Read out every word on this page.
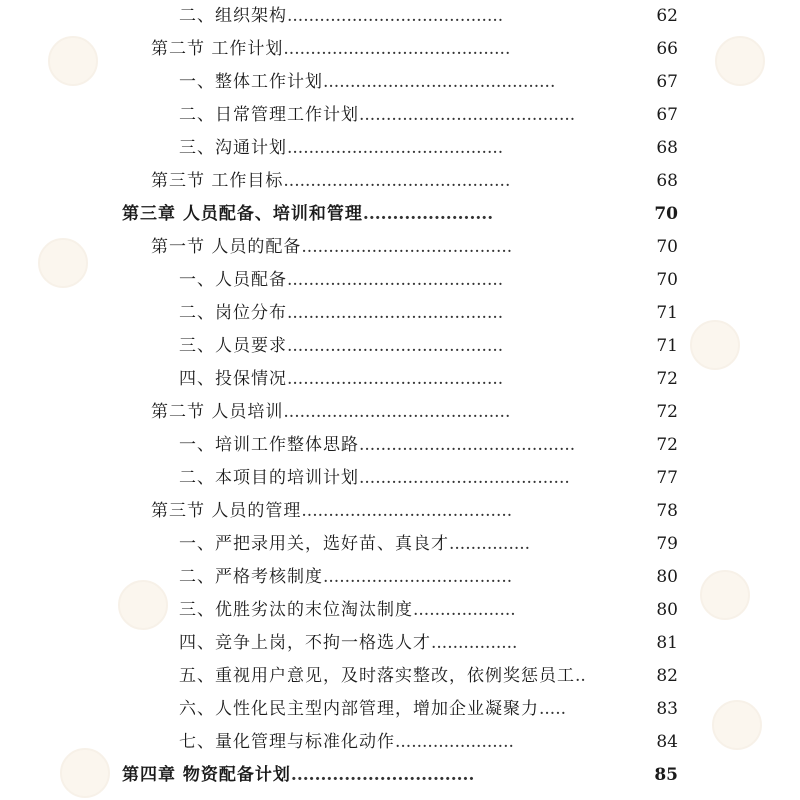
二、组织架构........................................	62
第二节 工作计划..........................................	66
一、整体工作计划...........................................	67
二、日常管理工作计划........................................	67
三、沟通计划........................................	68
第三节 工作目标..........................................	68
第三章 人员配备、培训和管理......................	70
第一节 人员的配备.......................................	70
一、人员配备........................................	70
二、岗位分布........................................	71
三、人员要求........................................	71
四、投保情况........................................	72
第二节 人员培训..........................................	72
一、培训工作整体思路........................................	72
二、本项目的培训计划.......................................	77
第三节 人员的管理.......................................	78
一、严把录用关，选好苗、真良才...............	79
二、严格考核制度...................................	80
三、优胜劣汰的末位淘汰制度...................	80
四、竞争上岗，不拘一格选人才................	81
五、重视用户意见，及时落实整改，依例奖惩员工..	82
六、人性化民主型内部管理，增加企业凝聚力.....	83
七、量化管理与标准化动作......................	84
第四章 物资配备计划...............................	85
